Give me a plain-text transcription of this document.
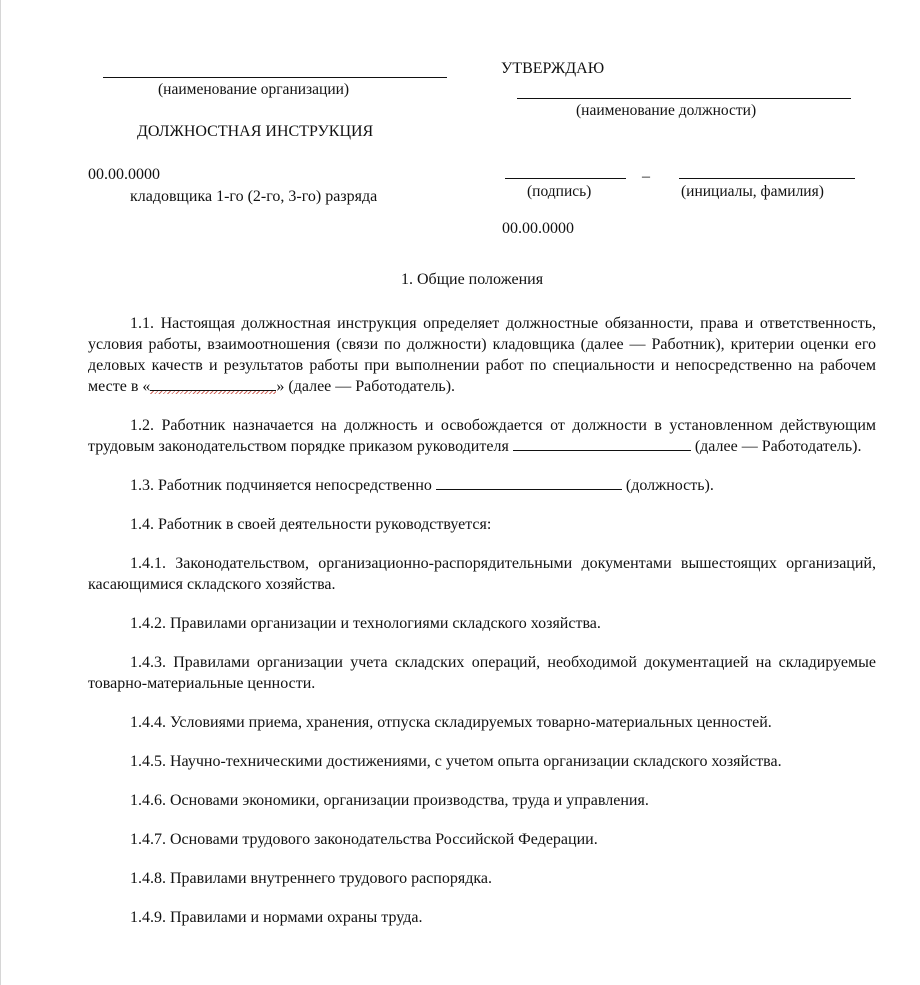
(наименование организации)
ДОЛЖНОСТНАЯ ИНСТРУКЦИЯ
00.00.0000
кладовщика 1-го (2-го, 3-го) разряда
УТВЕРЖДАЮ
(наименование должности)
–
(подпись)	(инициалы, фамилия)
00.00.0000
1. Общие положения

1.1. Настоящая должностная инструкция определяет должностные обязанности, права и ответственность, условия работы, взаимоотношения (связи по должности) кладовщика (далее — Работник), критерии оценки его деловых качеств и результатов работы при выполнении работ по специальности и непосредственно на рабочем месте в «	» (далее — Работодатель).

1.2. Работник назначается на должность и освобождается от должности в установленном действующим трудовым законодательством порядке приказом руководителя	(далее — Работодатель).

1.3. Работник подчиняется непосредственно	(должность).

1.4. Работник в своей деятельности руководствуется:

1.4.1. Законодательством, организационно-распорядительными документами вышестоящих организаций, касающимися складского хозяйства.

1.4.2. Правилами организации и технологиями складского хозяйства.

1.4.3. Правилами организации учета складских операций, необходимой документацией на складируемые товарно-материальные ценности.

1.4.4. Условиями приема, хранения, отпуска складируемых товарно-материальных ценностей.

1.4.5. Научно-техническими достижениями, с учетом опыта организации складского хозяйства.

1.4.6. Основами экономики, организации производства, труда и управления.

1.4.7. Основами трудового законодательства Российской Федерации.

1.4.8. Правилами внутреннего трудового распорядка.

1.4.9. Правилами и нормами охраны труда.
